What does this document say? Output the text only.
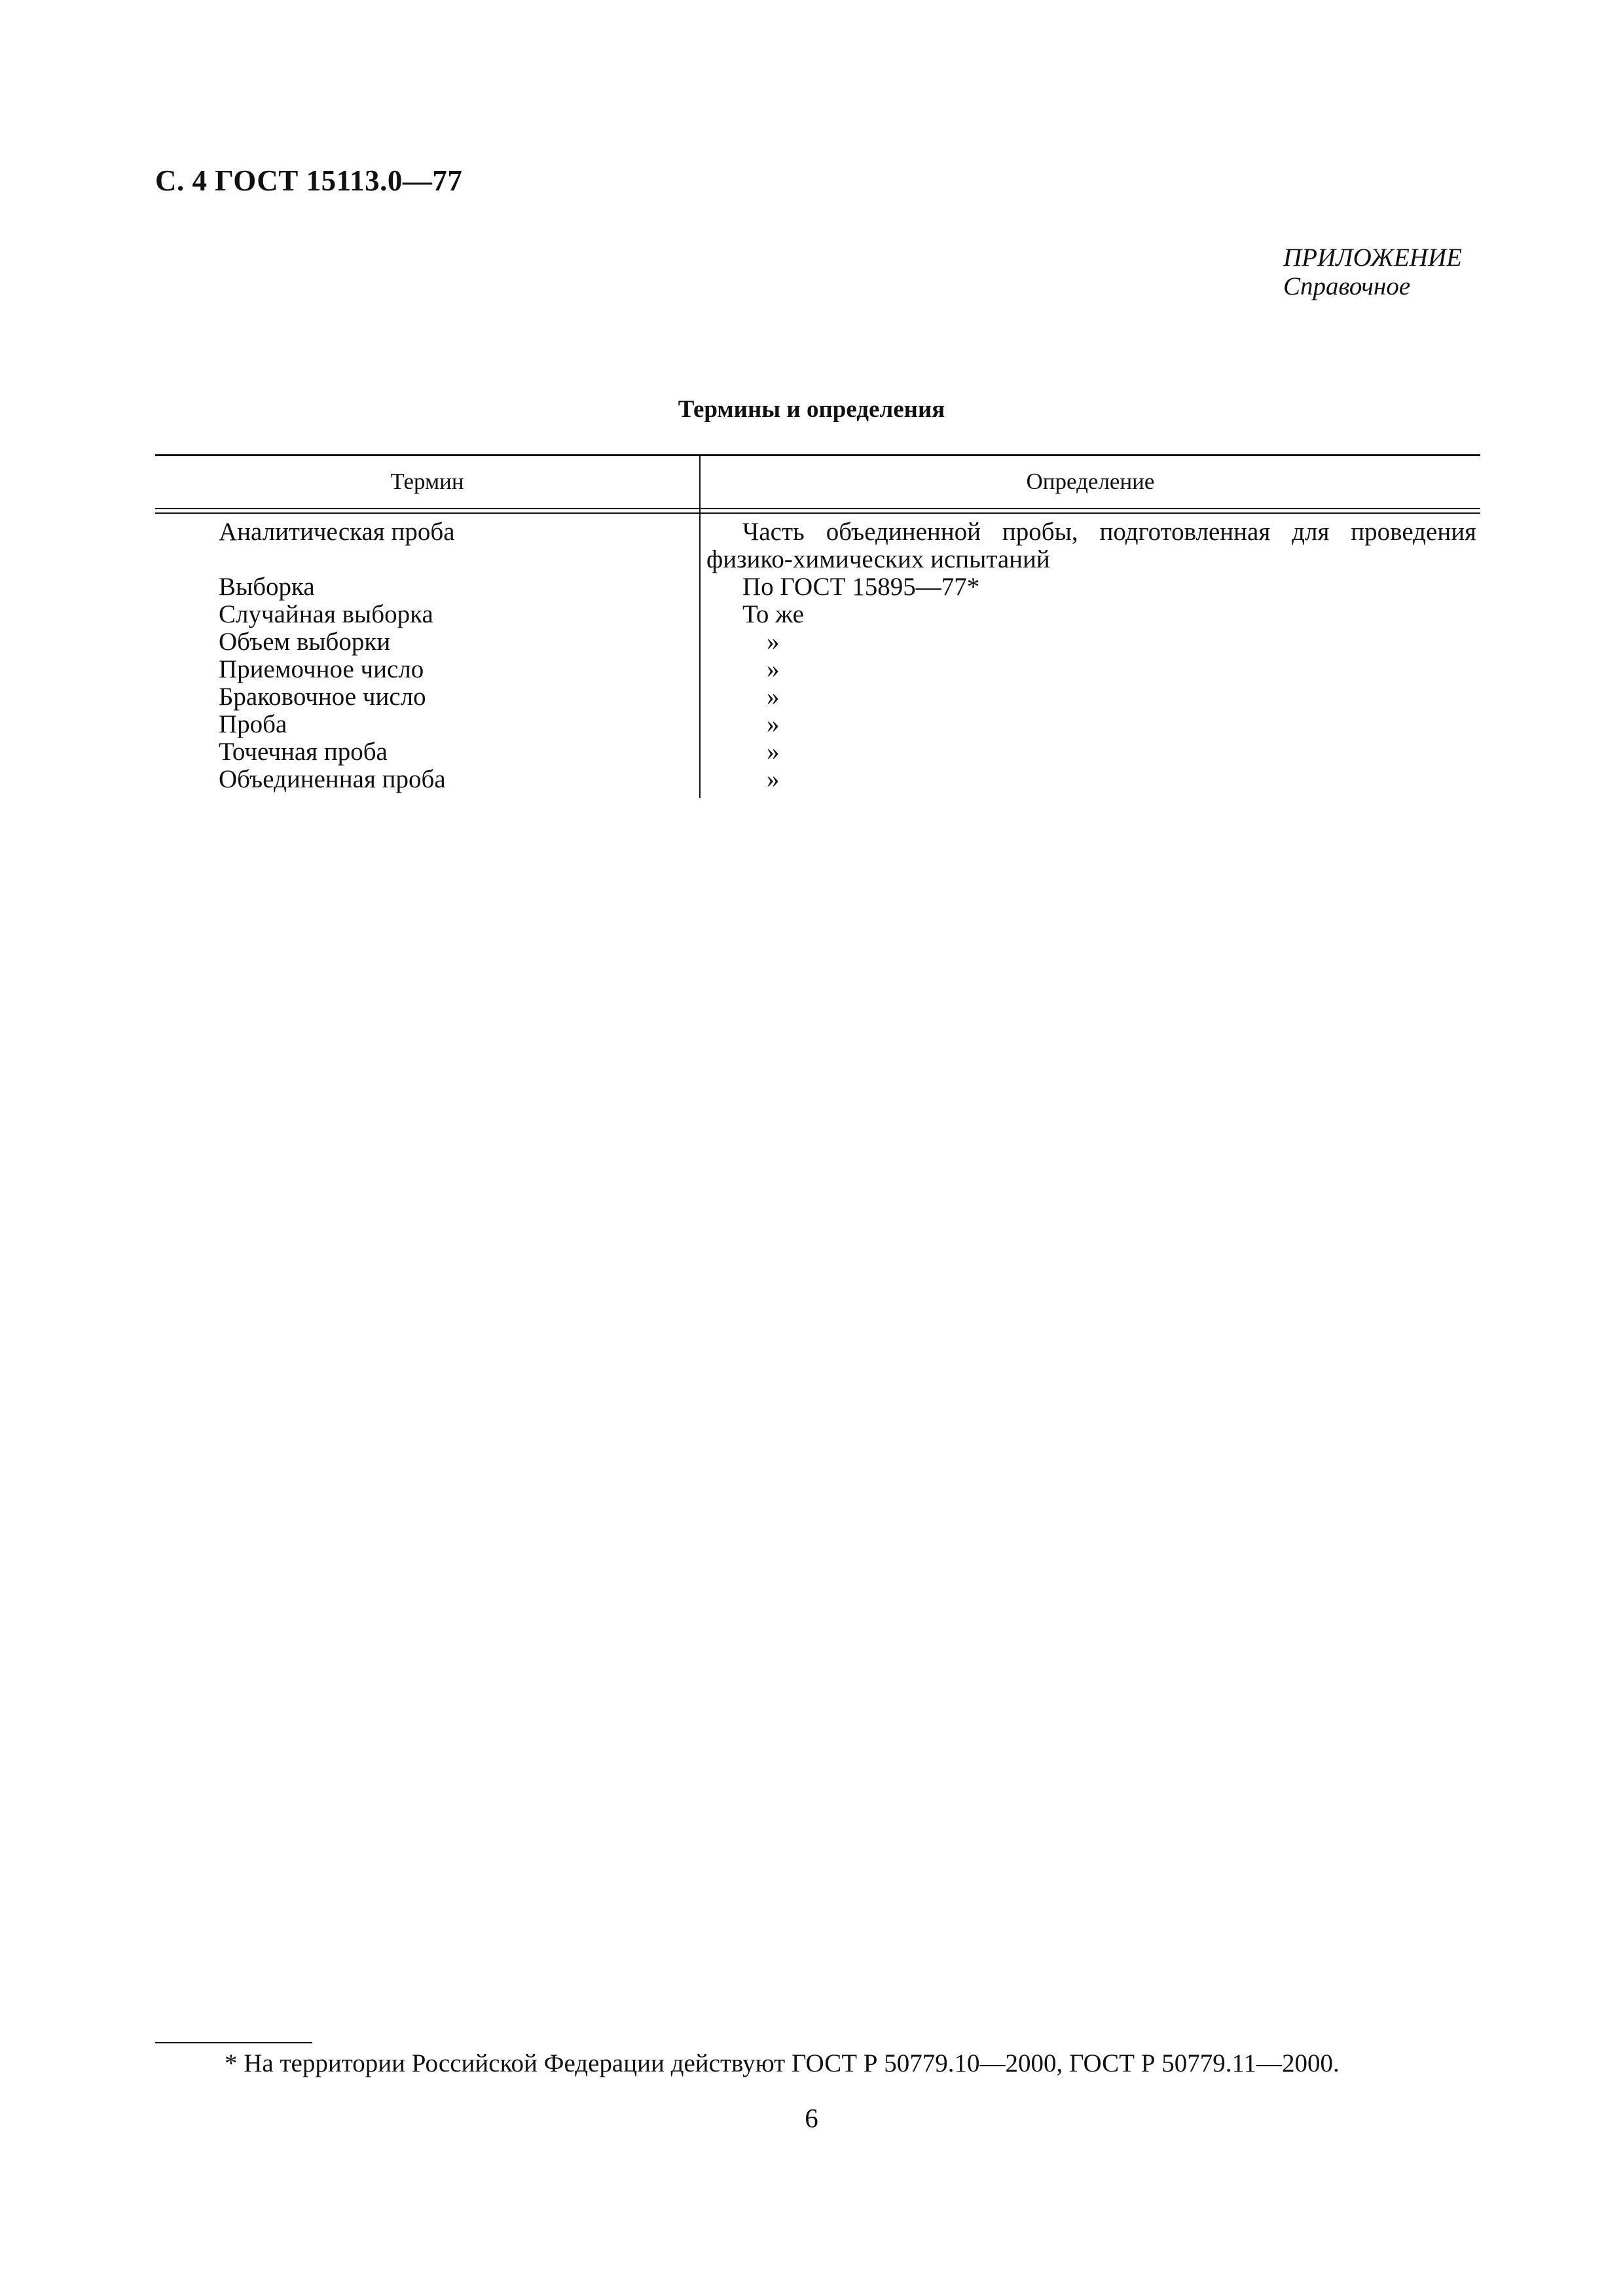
С. 4 ГОСТ 15113.0—77
ПРИЛОЖЕНИЕ
Справочное
Термины и определения
Термин	Определение
Аналитическая проба	Часть объединенной пробы, подготовленная для проведения физико-химических испытаний
Выборка	По ГОСТ 15895—77*
Случайная выборка	То же
Объем выборки	»
Приемочное число	»
Браковочное число	»
Проба	»
Точечная проба	»
Объединенная проба	»
* На территории Российской Федерации действуют ГОСТ Р 50779.10—2000, ГОСТ Р 50779.11—2000.
6
